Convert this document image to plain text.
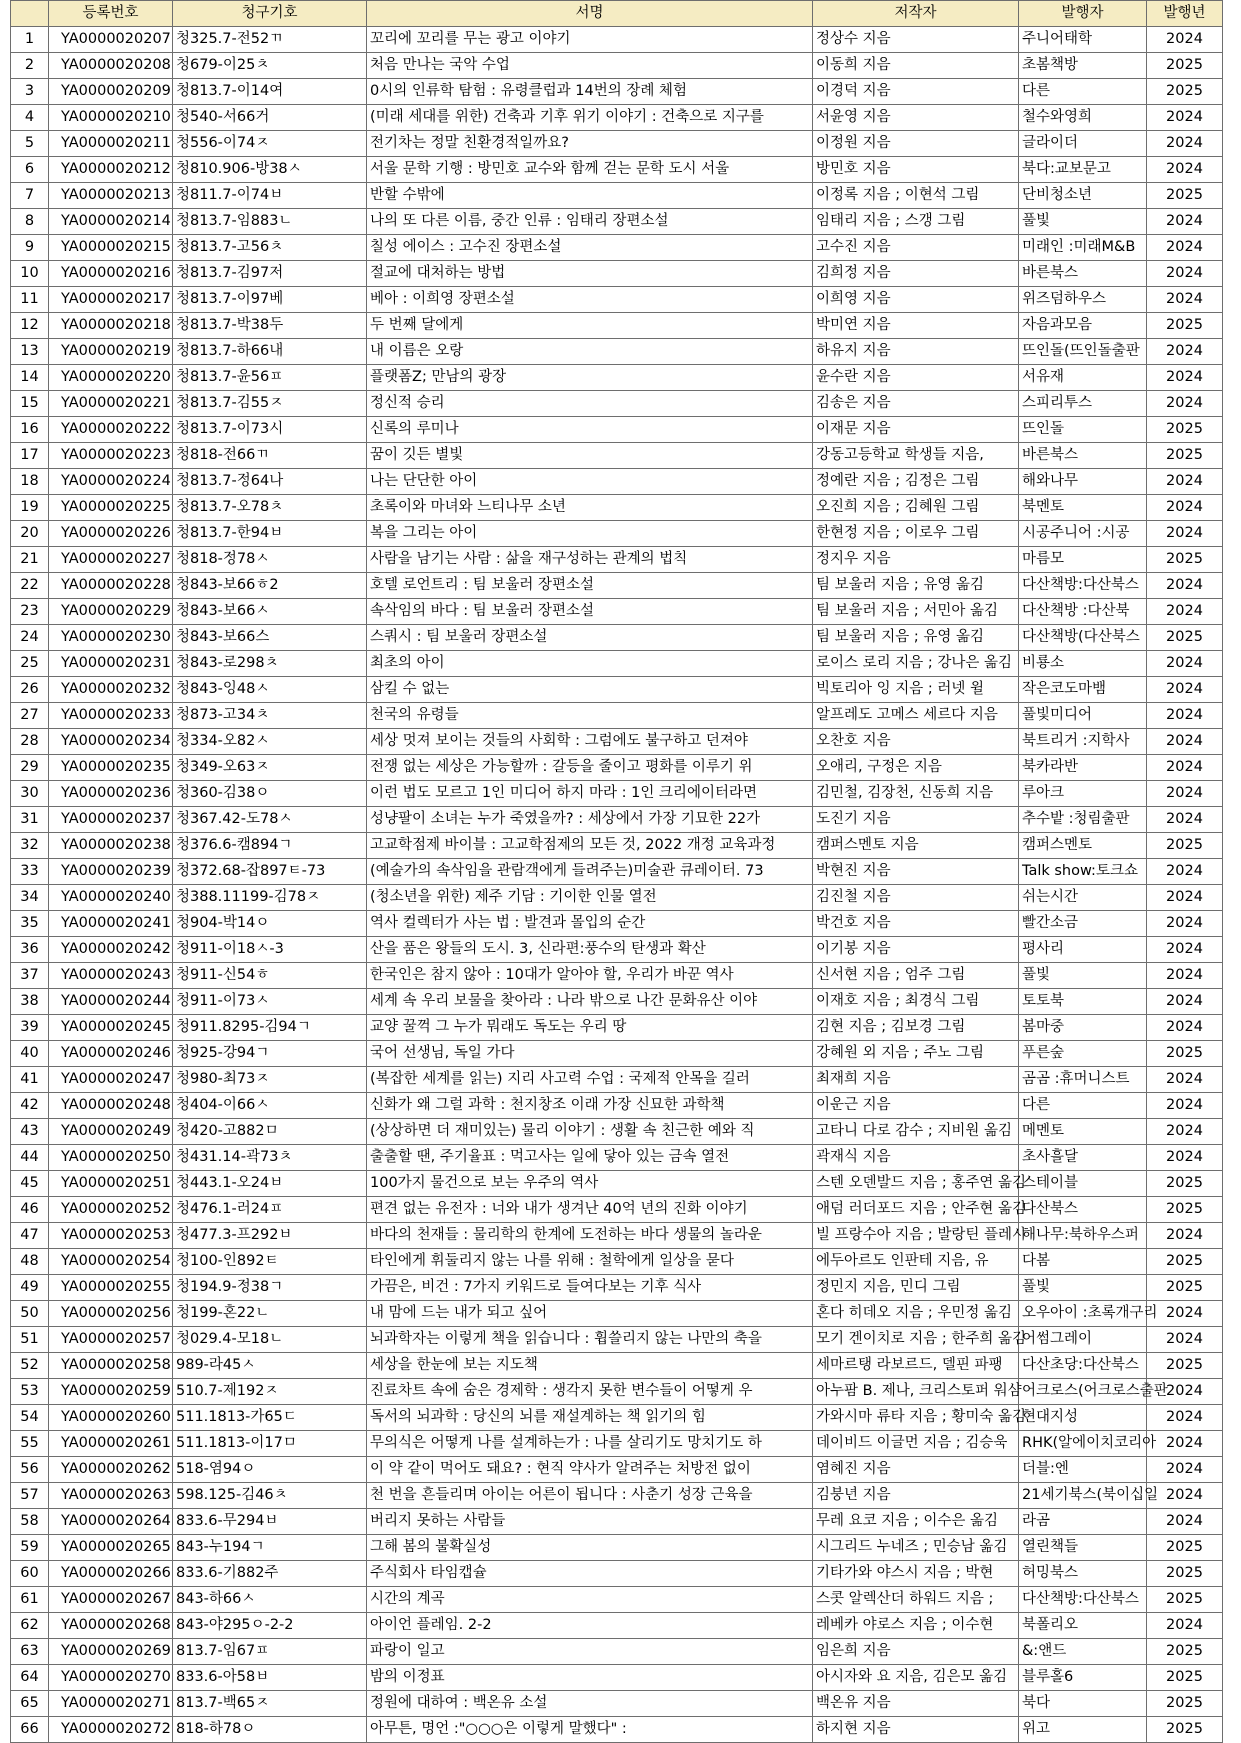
	등록번호	청구기호	서명	저작자	발행자	발행년
1	YA0000020207	청325.7-전52ㄲ	꼬리에 꼬리를 무는 광고 이야기	정상수 지음	주니어태학	2024
2	YA0000020208	청679-이25ㅊ	처음 만나는 국악 수업	이동희 지음	초봄책방	2025
3	YA0000020209	청813.7-이14여	0시의 인류학 탐험 : 유령클럽과 14번의 장례 체험	이경덕 지음	다른	2025
4	YA0000020210	청540-서66거	(미래 세대를 위한) 건축과 기후 위기 이야기 : 건축으로 지구를	서윤영 지음	철수와영희	2024
5	YA0000020211	청556-이74ㅈ	전기차는 정말 친환경적일까요?	이정원 지음	글라이더	2024
6	YA0000020212	청810.906-방38ㅅ	서울 문학 기행 : 방민호 교수와 함께 걷는 문학 도시 서울	방민호 지음	북다:교보문고	2024
7	YA0000020213	청811.7-이74ㅂ	반할 수밖에	이정록 지음 ; 이현석 그림	단비청소년	2025
8	YA0000020214	청813.7-임883ㄴ	나의 또 다른 이름, 중간 인류 : 임태리 장편소설	임태리 지음 ; 스갱 그림	풀빛	2024
9	YA0000020215	청813.7-고56ㅊ	칠성 에이스 : 고수진 장편소설	고수진 지음	미래인 :미래M&B	2024
10	YA0000020216	청813.7-김97저	절교에 대처하는 방법	김희정 지음	바른북스	2024
11	YA0000020217	청813.7-이97베	베아 : 이희영 장편소설	이희영 지음	위즈덤하우스	2024
12	YA0000020218	청813.7-박38두	두 번째 달에게	박미연 지음	자음과모음	2025
13	YA0000020219	청813.7-하66내	내 이름은 오랑	하유지 지음	뜨인돌(뜨인돌출판	2024
14	YA0000020220	청813.7-윤56ㅍ	플랫폼Z; 만남의 광장	윤수란 지음	서유재	2024
15	YA0000020221	청813.7-김55ㅈ	정신적 승리	김송은 지음	스피리투스	2024
16	YA0000020222	청813.7-이73시	신록의 루미나	이재문 지음	뜨인돌	2025
17	YA0000020223	청818-전66ㄲ	꿈이 깃든 별빛	강동고등학교 학생들 지음,	바른북스	2025
18	YA0000020224	청813.7-정64나	나는 단단한 아이	정예란 지음 ; 김정은 그림	해와나무	2024
19	YA0000020225	청813.7-오78ㅊ	초록이와 마녀와 느티나무 소년	오진희 지음 ; 김혜원 그림	북멘토	2024
20	YA0000020226	청813.7-한94ㅂ	복을 그리는 아이	한현정 지음 ; 이로우 그림	시공주니어 :시공	2024
21	YA0000020227	청818-정78ㅅ	사람을 남기는 사람 : 삶을 재구성하는 관계의 법칙	정지우 지음	마름모	2025
22	YA0000020228	청843-보66ㅎ2	호텔 로언트리 : 팀 보울러 장편소설	팀 보울러 지음 ; 유영 옮김	다산책방:다산북스	2024
23	YA0000020229	청843-보66ㅅ	속삭임의 바다 : 팀 보울러 장편소설	팀 보울러 지음 ; 서민아 옮김	다산책방 :다산북	2024
24	YA0000020230	청843-보66스	스쿼시 : 팀 보울러 장편소설	팀 보울러 지음 ; 유영 옮김	다산책방(다산북스	2025
25	YA0000020231	청843-로298ㅊ	최초의 아이	로이스 로리 지음 ; 강나은 옮김	비룡소	2024
26	YA0000020232	청843-잉48ㅅ	삼킬 수 없는	빅토리아 잉 지음 ; 러넷 윌	작은코도마뱀	2024
27	YA0000020233	청873-고34ㅊ	천국의 유령들	알프레도 고메스 세르다 지음	풀빛미디어	2024
28	YA0000020234	청334-오82ㅅ	세상 멋져 보이는 것들의 사회학 : 그럼에도 불구하고 던져야	오찬호 지음	북트리거 :지학사	2024
29	YA0000020235	청349-오63ㅈ	전쟁 없는 세상은 가능할까 : 갈등을 줄이고 평화를 이루기 위	오애리, 구정은 지음	북카라반	2024
30	YA0000020236	청360-김38ㅇ	이런 법도 모르고 1인 미디어 하지 마라 : 1인 크리에이터라면	김민철, 김장천, 신동희 지음	루아크	2024
31	YA0000020237	청367.42-도78ㅅ	성냥팔이 소녀는 누가 죽였을까? : 세상에서 가장 기묘한 22가	도진기 지음	추수밭 :청림출판	2024
32	YA0000020238	청376.6-캠894ㄱ	고교학점제 바이블 : 고교학점제의 모든 것, 2022 개정 교육과정	캠퍼스멘토 지음	캠퍼스멘토	2025
33	YA0000020239	청372.68-잡897ㅌ-73	(예술가의 속삭임을 관람객에게 들려주는)미술관 큐레이터. 73	박현진 지음	Talk show:토크쇼	2024
34	YA0000020240	청388.11199-김78ㅈ	(청소년을 위한) 제주 기담 : 기이한 인물 열전	김진철 지음	쉬는시간	2024
35	YA0000020241	청904-박14ㅇ	역사 컬렉터가 사는 법 : 발견과 몰입의 순간	박건호 지음	빨간소금	2024
36	YA0000020242	청911-이18ㅅ-3	산을 품은 왕들의 도시. 3, 신라편:풍수의 탄생과 확산	이기봉 지음	평사리	2024
37	YA0000020243	청911-신54ㅎ	한국인은 참지 않아 : 10대가 알아야 할, 우리가 바꾼 역사	신서현 지음 ; 엄주 그림	풀빛	2024
38	YA0000020244	청911-이73ㅅ	세계 속 우리 보물을 찾아라 : 나라 밖으로 나간 문화유산 이야	이재호 지음 ; 최경식 그림	토토북	2024
39	YA0000020245	청911.8295-김94ㄱ	교양 꿀꺽 그 누가 뭐래도 독도는 우리 땅	김현 지음 ; 김보경 그림	봄마중	2024
40	YA0000020246	청925-강94ㄱ	국어 선생님, 독일 가다	강혜원 외 지음 ; 주노 그림	푸른숲	2025
41	YA0000020247	청980-최73ㅈ	(복잡한 세계를 읽는) 지리 사고력 수업 : 국제적 안목을 길러	최재희 지음	곰곰 :휴머니스트	2024
42	YA0000020248	청404-이66ㅅ	신화가 왜 그럴 과학 : 천지창조 이래 가장 신묘한 과학책	이운근 지음	다른	2024
43	YA0000020249	청420-고882ㅁ	(상상하면 더 재미있는) 물리 이야기 : 생활 속 친근한 예와 직	고타니 다로 감수 ; 지비원 옮김	메멘토	2024
44	YA0000020250	청431.14-곽73ㅊ	출출할 땐, 주기율표 : 먹고사는 일에 닿아 있는 금속 열전	곽재식 지음	초사흘달	2024
45	YA0000020251	청443.1-오24ㅂ	100가지 물건으로 보는 우주의 역사	스텐 오덴발드 지음 ; 홍주연 옮김	스테이블	2025
46	YA0000020252	청476.1-러24ㅍ	편견 없는 유전자 : 너와 내가 생겨난 40억 년의 진화 이야기	애덤 러더포드 지음 ; 안주현 옮김	다산북스	2025
47	YA0000020253	청477.3-프292ㅂ	바다의 천재들 : 물리학의 한계에 도전하는 바다 생물의 놀라운	빌 프랑수아 지음 ; 발랑틴 플레시	해나무:북하우스퍼	2024
48	YA0000020254	청100-인892ㅌ	타인에게 휘둘리지 않는 나를 위해 : 철학에게 일상을 묻다	에두아르도 인판테 지음, 유	다봄	2025
49	YA0000020255	청194.9-정38ㄱ	가끔은, 비건 : 7가지 키워드로 들여다보는 기후 식사	정민지 지음, 민디 그림	풀빛	2025
50	YA0000020256	청199-혼22ㄴ	내 맘에 드는 내가 되고 싶어	혼다 히데오 지음 ; 우민정 옮김	오우아이 :초록개구리	2024
51	YA0000020257	청029.4-모18ㄴ	뇌과학자는 이렇게 책을 읽습니다 : 휩쓸리지 않는 나만의 축을	모기 겐이치로 지음 ; 한주희 옮김	어썸그레이	2024
52	YA0000020258	989-라45ㅅ	세상을 한눈에 보는 지도책	세마르탱 라보르드, 델핀 파팽	다산초당:다산북스	2025
53	YA0000020259	510.7-제192ㅈ	진료차트 속에 숨은 경제학 : 생각지 못한 변수들이 어떻게 우	아누팜 B. 제나, 크리스토퍼 워샴	어크로스(어크로스출판	2024
54	YA0000020260	511.1813-가65ㄷ	독서의 뇌과학 : 당신의 뇌를 재설계하는 책 읽기의 힘	가와시마 류타 지음 ; 황미숙 옮김	현대지성	2024
55	YA0000020261	511.1813-이17ㅁ	무의식은 어떻게 나를 설계하는가 : 나를 살리기도 망치기도 하	데이비드 이글먼 지음 ; 김승욱	RHK(알에이치코리아	2024
56	YA0000020262	518-염94ㅇ	이 약 같이 먹어도 돼요? : 현직 약사가 알려주는 처방전 없이	염혜진 지음	더블:엔	2024
57	YA0000020263	598.125-김46ㅊ	천 번을 흔들리며 아이는 어른이 됩니다 : 사춘기 성장 근육을	김붕년 지음	21세기북스(북이십일	2024
58	YA0000020264	833.6-무294ㅂ	버리지 못하는 사람들	무레 요코 지음 ; 이수은 옮김	라곰	2024
59	YA0000020265	843-누194ㄱ	그해 봄의 불확실성	시그리드 누네즈 ; 민승남 옮김	열린책들	2025
60	YA0000020266	833.6-기882주	주식회사 타임캡슐	기타가와 야스시 지음 ; 박현	허밍북스	2025
61	YA0000020267	843-하66ㅅ	시간의 계곡	스콧 알렉산더 하워드 지음 ;	다산책방:다산북스	2025
62	YA0000020268	843-야295ㅇ-2-2	아이언 플레임. 2-2	레베카 야로스 지음 ; 이수현	북폴리오	2024
63	YA0000020269	813.7-임67ㅍ	파랑이 일고	임은희 지음	&:앤드	2025
64	YA0000020270	833.6-아58ㅂ	밤의 이정표	아시자와 요 지음, 김은모 옮김	블루홀6	2025
65	YA0000020271	813.7-백65ㅈ	정원에 대하여 : 백온유 소설	백온유 지음	북다	2025
66	YA0000020272	818-하78ㅇ	아무튼, 명언 :"○○○은 이렇게 말했다" :	하지현 지음	위고	2025
